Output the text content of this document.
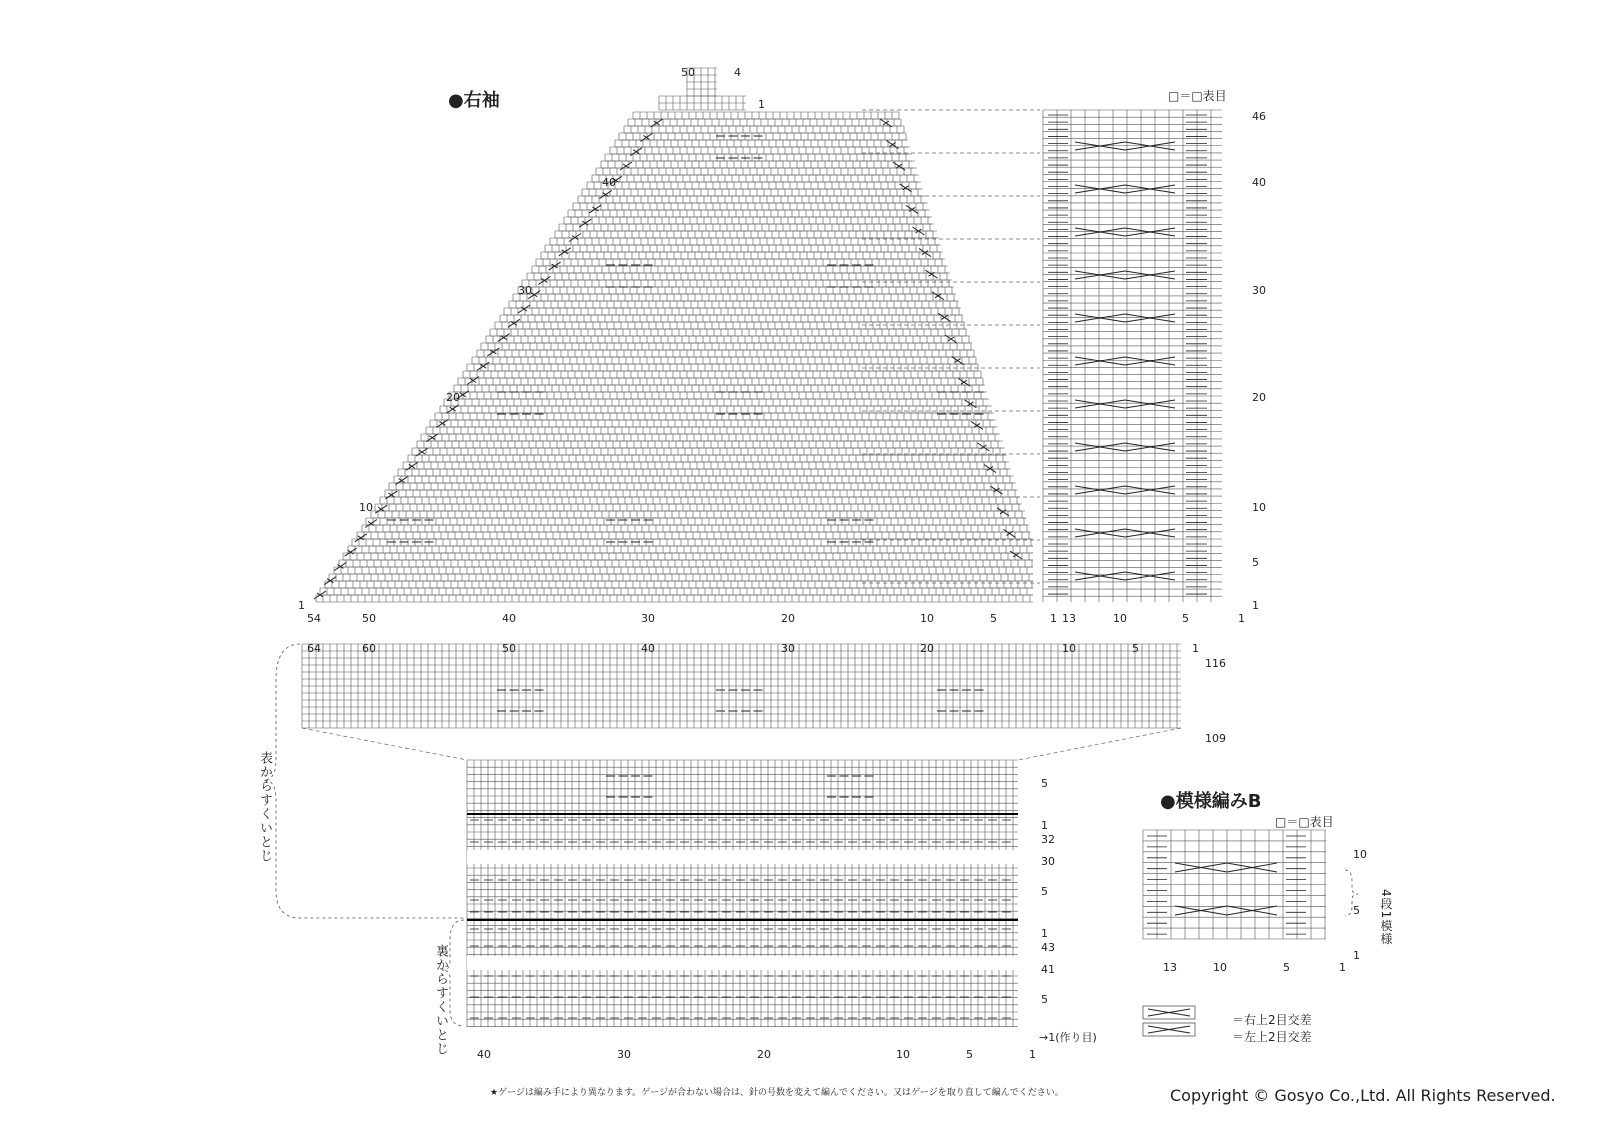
●右袖
●模様編みB
□＝□表目
□＝□表目
＝右上2目交差
＝左上2目交差
表からすくいとじ
裏からすくいとじ
4段1模様
→1(作り目)
★ゲージは編み手により異なります。ゲージが合わない場合は、針の号数を変えて編んでください。又はゲージを取り直して編んでください。	Copyright © Gosyo Co.,Ltd. All Rights Reserved.
50	4
1
40
30
20
10
1
54	50	40	30	20	10	5	1
46
40
30
20
10
5
1
13	10	5	1
64	60	50	40	30	20	10	5	1
116
109
5
1
32
30
5
1
43
41
5
40	30	20	10	5	1
10
5
1
13	10	5	1
